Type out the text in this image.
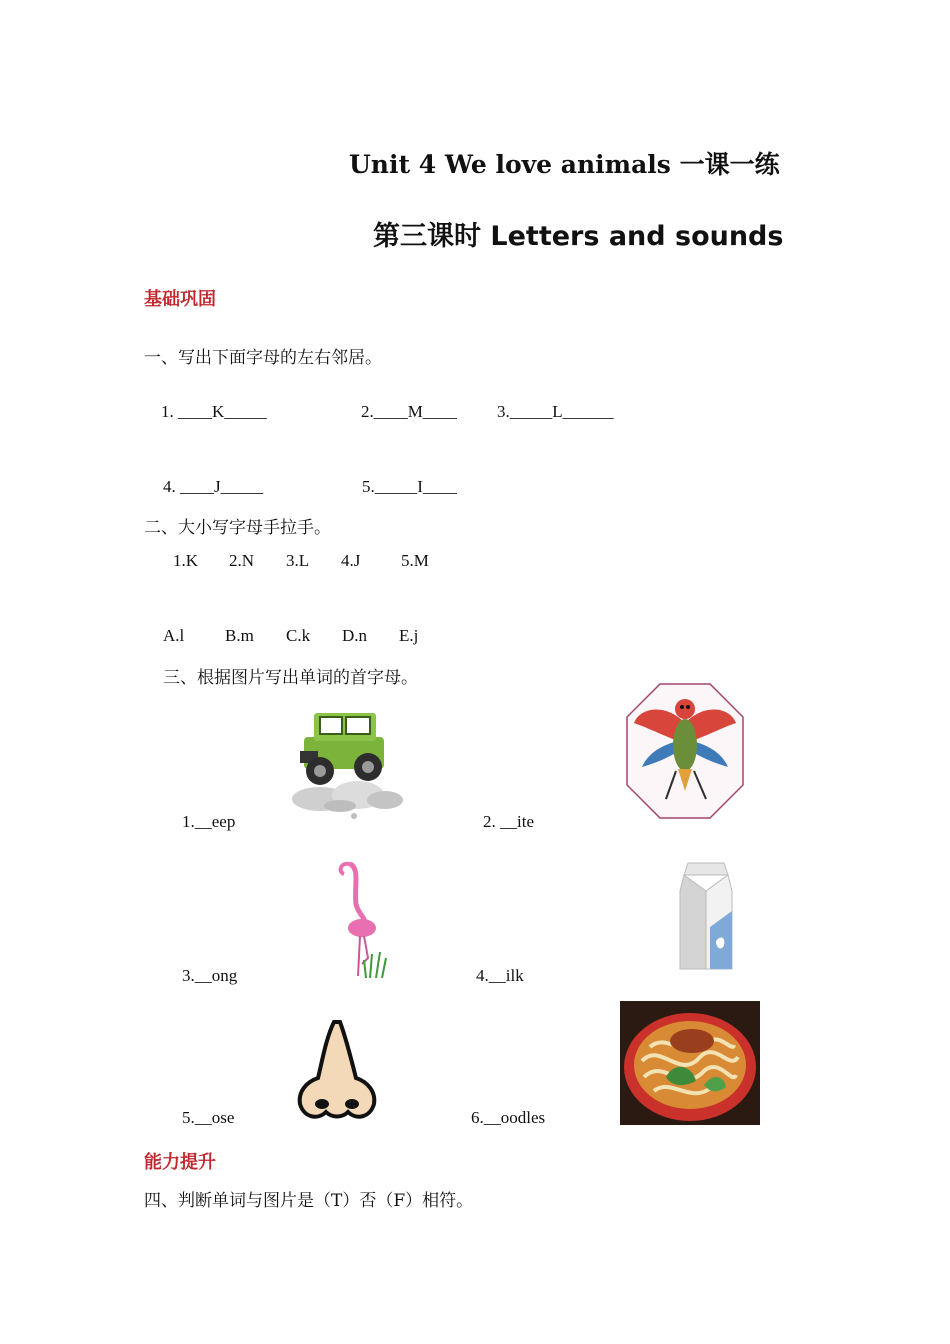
Unit 4 We love animals 一课一练
第三课时 Letters and sounds
基础巩固
一、写出下面字母的左右邻居。
1. ____K_____	2.____M____ 3._____L______
4. ____J_____	5._____I____
二、大小写字母手拉手。
1.K 2.N 3.L 4.J 5.M
A.l B.m C.k D.n E.j
三、根据图片写出单词的首字母。
1.__eep	2. __ite
3.__ong	4.__ilk
5.__ose	6.__oodles
能力提升
四、判断单词与图片是（T）否（F）相符。
